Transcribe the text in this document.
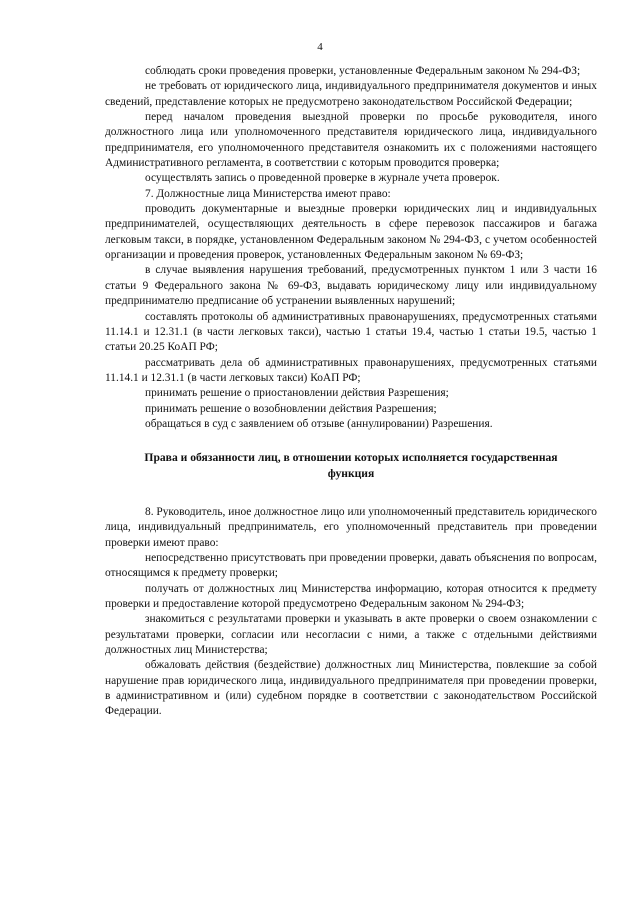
4

соблюдать сроки проведения проверки, установленные Федеральным законом № 294-ФЗ;

не требовать от юридического лица, индивидуального предпринимателя документов и иных сведений, представление которых не предусмотрено законодательством Российской Федерации;

перед началом проведения выездной проверки по просьбе руководителя, иного должностного лица или уполномоченного представителя юридического лица, индивидуального предпринимателя, его уполномоченного представителя ознакомить их с положениями настоящего Административного регламента, в соответствии с которым проводится проверка;

осуществлять запись о проведенной проверке в журнале учета проверок.

7. Должностные лица Министерства имеют право:

проводить документарные и выездные проверки юридических лиц и индивидуальных предпринимателей, осуществляющих деятельность в сфере перевозок пассажиров и багажа легковым такси, в порядке, установленном Федеральным законом № 294-ФЗ, с учетом особенностей организации и проведения проверок, установленных Федеральным законом № 69-ФЗ;

в случае выявления нарушения требований, предусмотренных пунктом 1 или 3 части 16 статьи 9 Федерального закона № 69-ФЗ, выдавать юридическому лицу или индивидуальному предпринимателю предписание об устранении выявленных нарушений;

составлять протоколы об административных правонарушениях, предусмотренных статьями 11.14.1 и 12.31.1 (в части легковых такси), частью 1 статьи 19.4, частью 1 статьи 19.5, частью 1 статьи 20.25 КоАП РФ;

рассматривать дела об административных правонарушениях, предусмотренных статьями 11.14.1 и 12.31.1 (в части легковых такси) КоАП РФ;

принимать решение о приостановлении действия Разрешения;

принимать решение о возобновлении действия Разрешения;

обращаться в суд с заявлением об отзыве (аннулировании) Разрешения.

Права и обязанности лиц, в отношении которых исполняется государственная функция

8. Руководитель, иное должностное лицо или уполномоченный представитель юридического лица, индивидуальный предприниматель, его уполномоченный представитель при проведении проверки имеют право:

непосредственно присутствовать при проведении проверки, давать объяснения по вопросам, относящимся к предмету проверки;

получать от должностных лиц Министерства информацию, которая относится к предмету проверки и предоставление которой предусмотрено Федеральным законом № 294-ФЗ;

знакомиться с результатами проверки и указывать в акте проверки о своем ознакомлении с результатами проверки, согласии или несогласии с ними, а также с отдельными действиями должностных лиц Министерства;

обжаловать действия (бездействие) должностных лиц Министерства, повлекшие за собой нарушение прав юридического лица, индивидуального предпринимателя при проведении проверки, в административном и (или) судебном порядке в соответствии с законодательством Российской Федерации.
